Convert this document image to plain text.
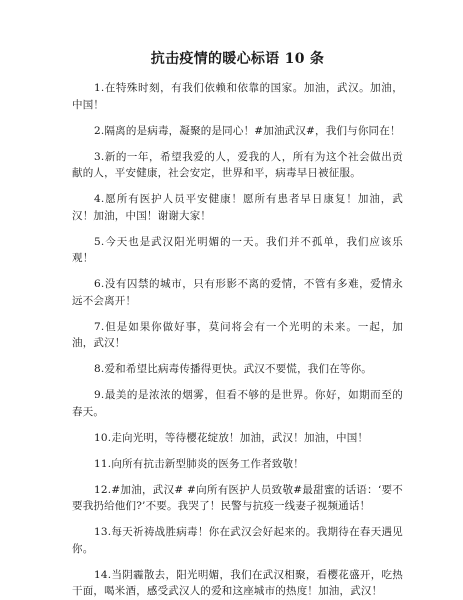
抗击疫情的暖心标语 10 条
1.在特殊时刻，有我们依赖和依靠的国家。加油，武汉。加油，中国！
2.隔离的是病毒，凝聚的是同心！#加油武汉#，我们与你同在！
3.新的一年，希望我爱的人，爱我的人，所有为这个社会做出贡献的人，平安健康，社会安定，世界和平，病毒早日被征服。
4.愿所有医护人员平安健康！愿所有患者早日康复！加油，武汉！加油，中国！谢谢大家！
5.今天也是武汉阳光明媚的一天。我们并不孤单，我们应该乐观！
6.没有囚禁的城市，只有形影不离的爱情，不管有多难，爱情永远不会离开！
7.但是如果你做好事，莫问将会有一个光明的未来。一起，加油，武汉！
8.爱和希望比病毒传播得更快。武汉不要慌，我们在等你。
9.最美的是浓浓的烟雾，但看不够的是世界。你好，如期而至的春天。
10.走向光明，等待樱花绽放！加油，武汉！加油，中国！
11.向所有抗击新型肺炎的医务工作者致敬！
12.#加油，武汉# #向所有医护人员致敬#最甜蜜的话语：‘要不要我扔给他们?’不要。我哭了！民警与抗疫一线妻子视频通话！
13.每天祈祷战胜病毒！你在武汉会好起来的。我期待在春天遇见你。
14.当阴霾散去，阳光明媚，我们在武汉相聚，看樱花盛开，吃热干面，喝米酒，感受武汉人的爱和这座城市的热度！加油，武汉！
